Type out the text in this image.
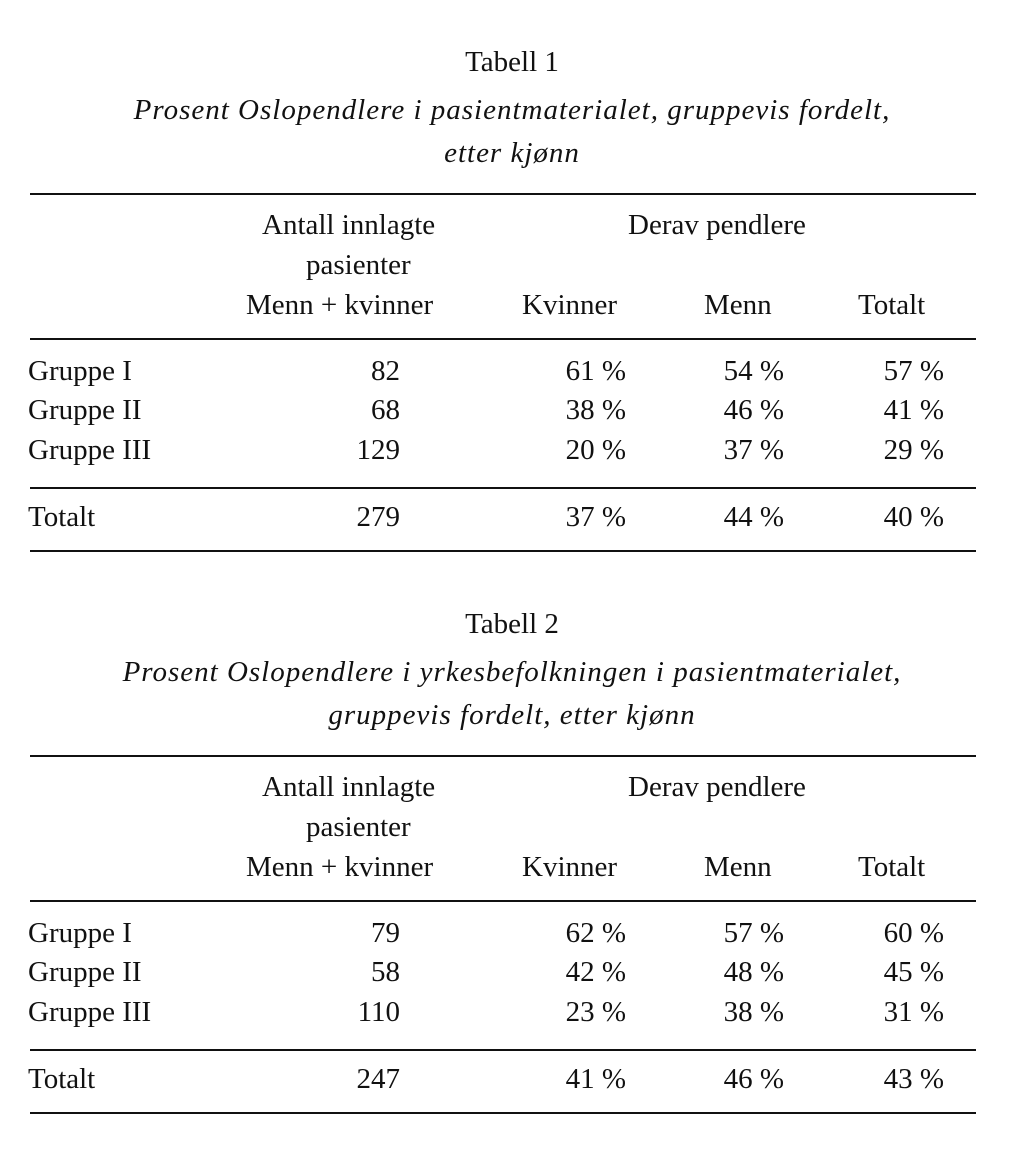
Tabell 1
Prosent Oslopendlere i pasientmaterialet, gruppevis fordelt,
etter kjønn
Antall innlagte
pasienter
Menn + kvinner
Derav pendlere
Kvinner	Menn	Totalt
Gruppe I	82	61 %	54 %	57 %
Gruppe II	68	38 %	46 %	41 %
Gruppe III	129	20 %	37 %	29 %
Totalt	279	37 %	44 %	40 %
Tabell 2
Prosent Oslopendlere i yrkesbefolkningen i pasientmaterialet,
gruppevis fordelt, etter kjønn
Antall innlagte
pasienter
Menn + kvinner
Derav pendlere
Kvinner	Menn	Totalt
Gruppe I	79	62 %	57 %	60 %
Gruppe II	58	42 %	48 %	45 %
Gruppe III	110	23 %	38 %	31 %
Totalt	247	41 %	46 %	43 %
